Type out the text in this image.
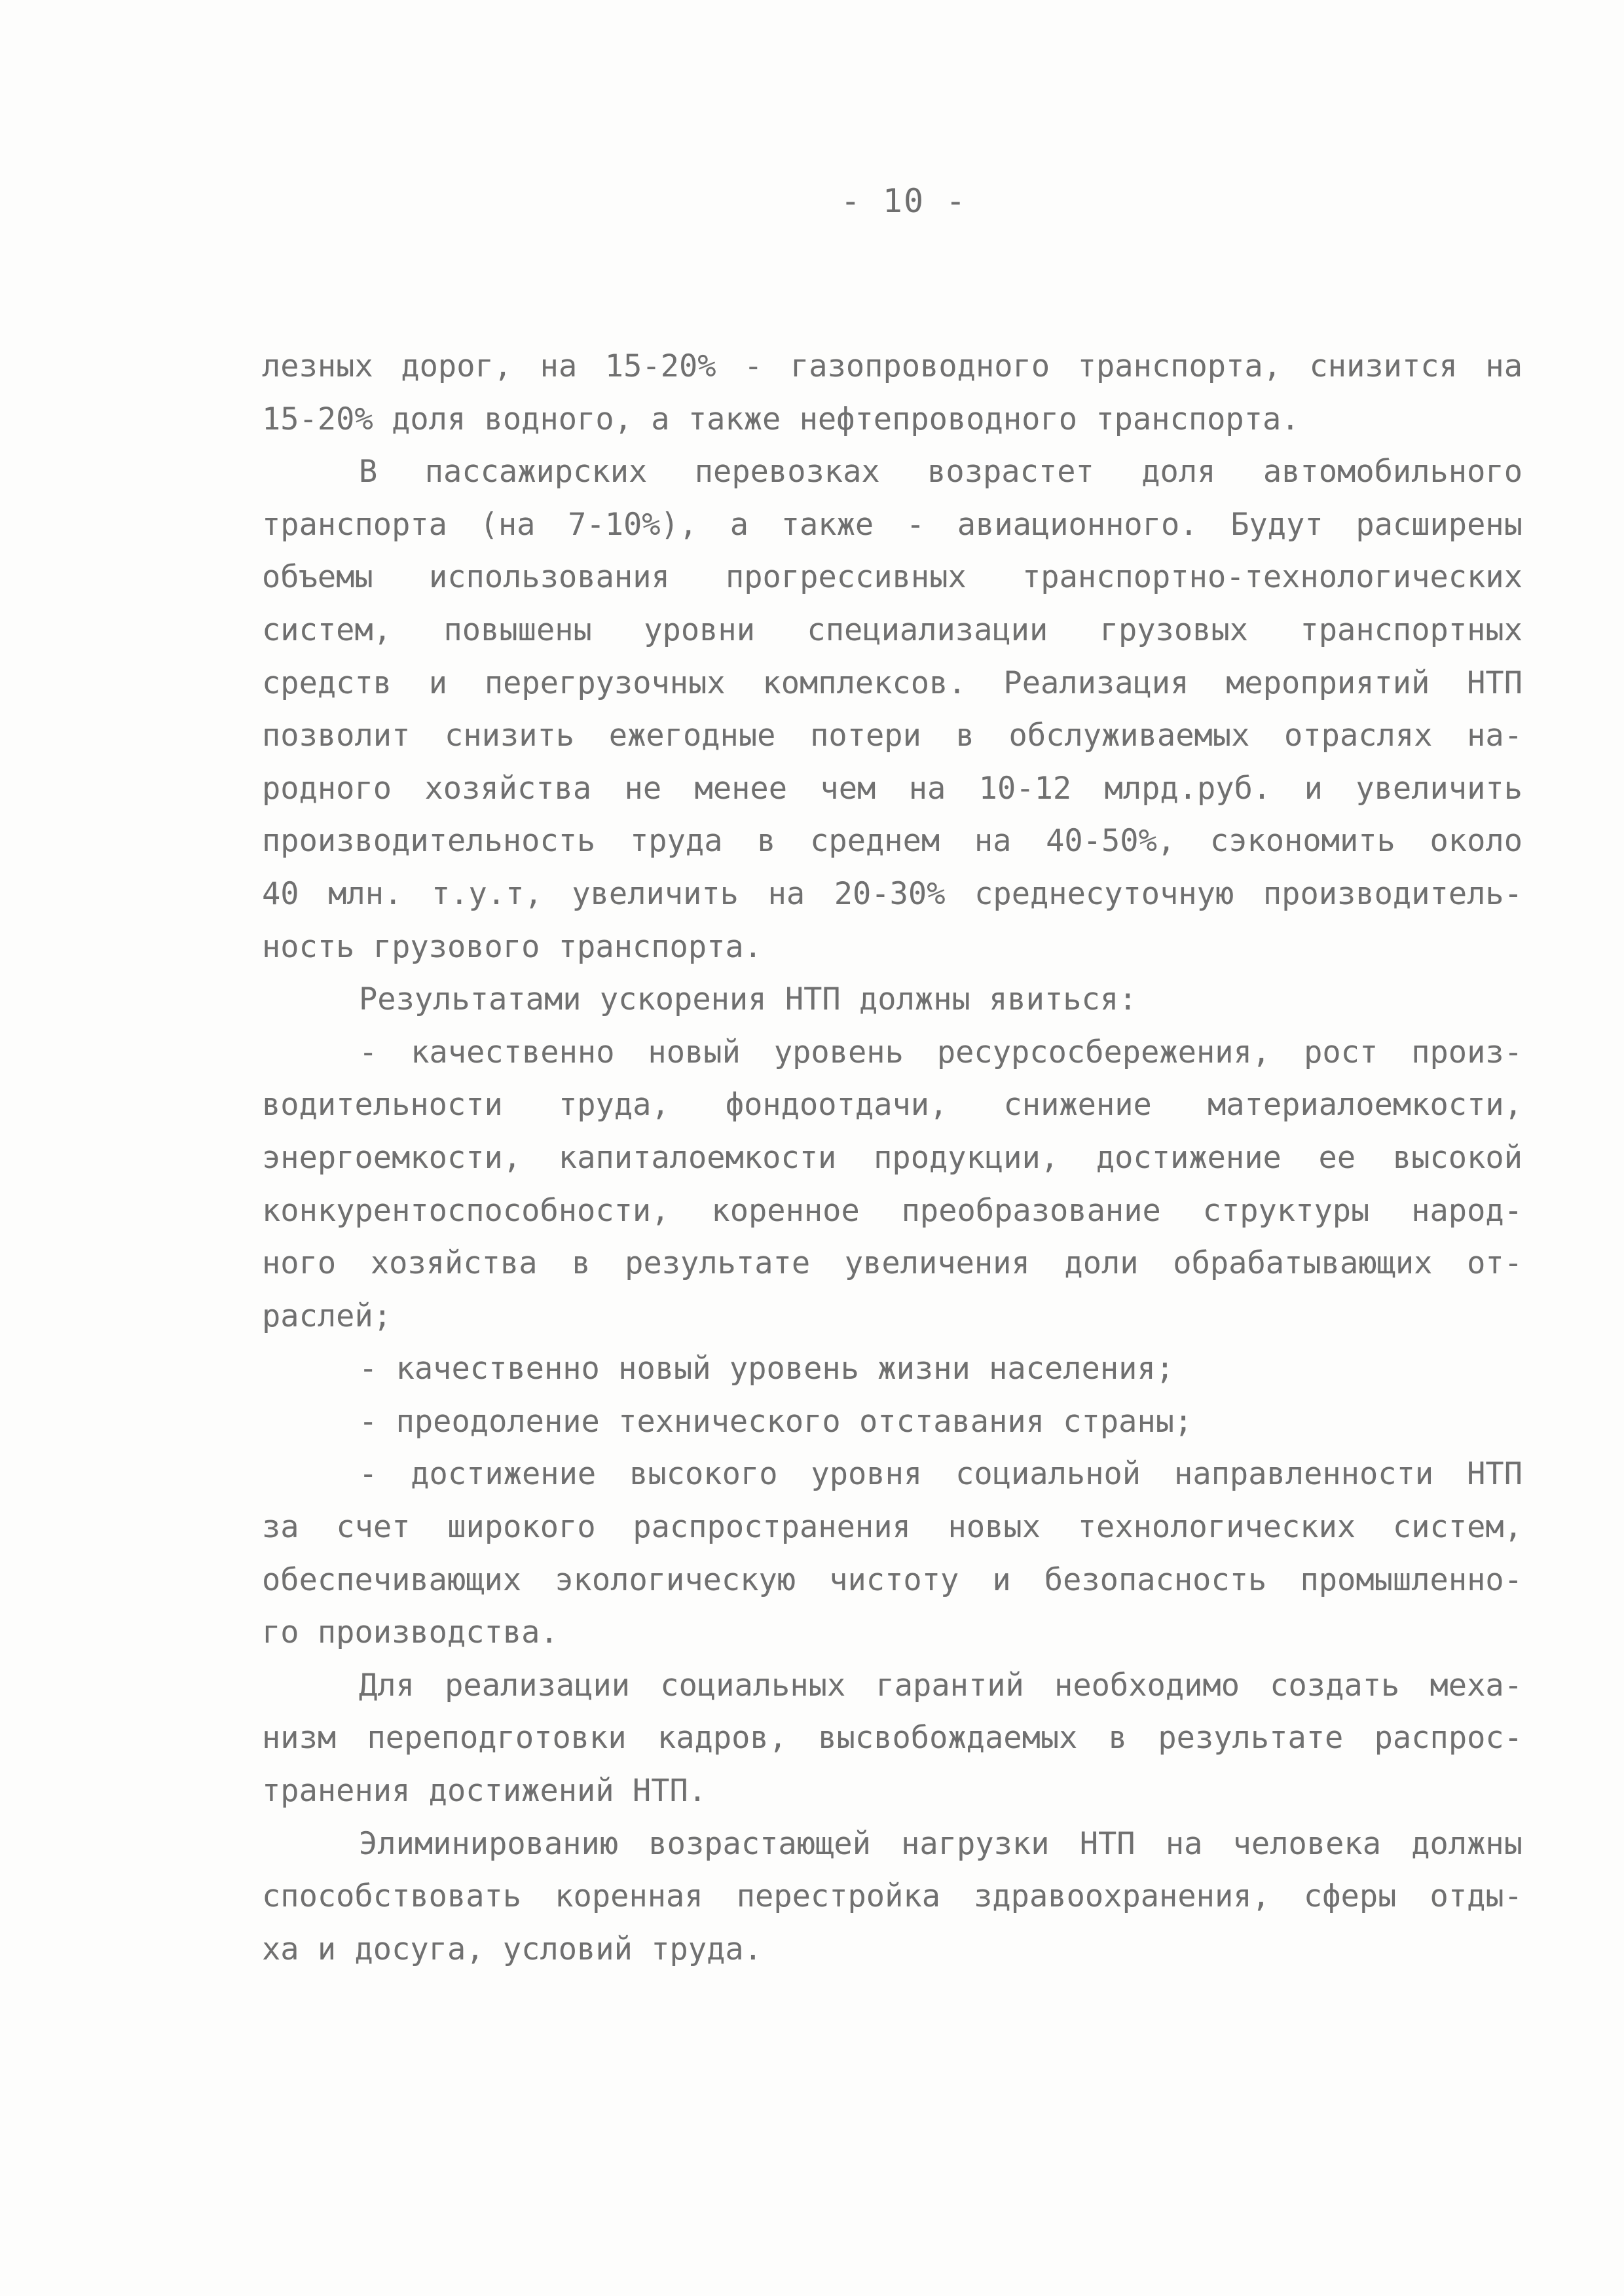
- 10 -
лезных дорог, на 15-20% - газопроводного транспорта, снизится на
15-20% доля водного, а также нефтепроводного транспорта.
В пассажирских перевозках возрастет доля автомобильного
транспорта (на 7-10%), а также - авиационного. Будут расширены
объемы использования прогрессивных транспортно-технологических
систем, повышены уровни специализации грузовых транспортных
средств и перегрузочных комплексов. Реализация мероприятий НТП
позволит снизить ежегодные потери в обслуживаемых отраслях на-
родного хозяйства не менее чем на 10-12 млрд.руб. и увеличить
производительность труда в среднем на 40-50%, сэкономить около
40 млн. т.у.т, увеличить на 20-30% среднесуточную производитель-
ность грузового транспорта.
Результатами ускорения НТП должны явиться:
- качественно новый уровень ресурсосбережения, рост произ-
водительности труда, фондоотдачи, снижение материалоемкости,
энергоемкости, капиталоемкости продукции, достижение ее высокой
конкурентоспособности, коренное преобразование структуры народ-
ного хозяйства в результате увеличения доли обрабатывающих от-
раслей;
- качественно новый уровень жизни населения;
- преодоление технического отставания страны;
- достижение высокого уровня социальной направленности НТП
за счет широкого распространения новых технологических систем,
обеспечивающих экологическую чистоту и безопасность промышленно-
го производства.
Для реализации социальных гарантий необходимо создать меха-
низм переподготовки кадров, высвобождаемых в результате распрос-
транения достижений НТП.
Элиминированию возрастающей нагрузки НТП на человека должны
способствовать коренная перестройка здравоохранения, сферы отды-
ха и досуга, условий труда.
